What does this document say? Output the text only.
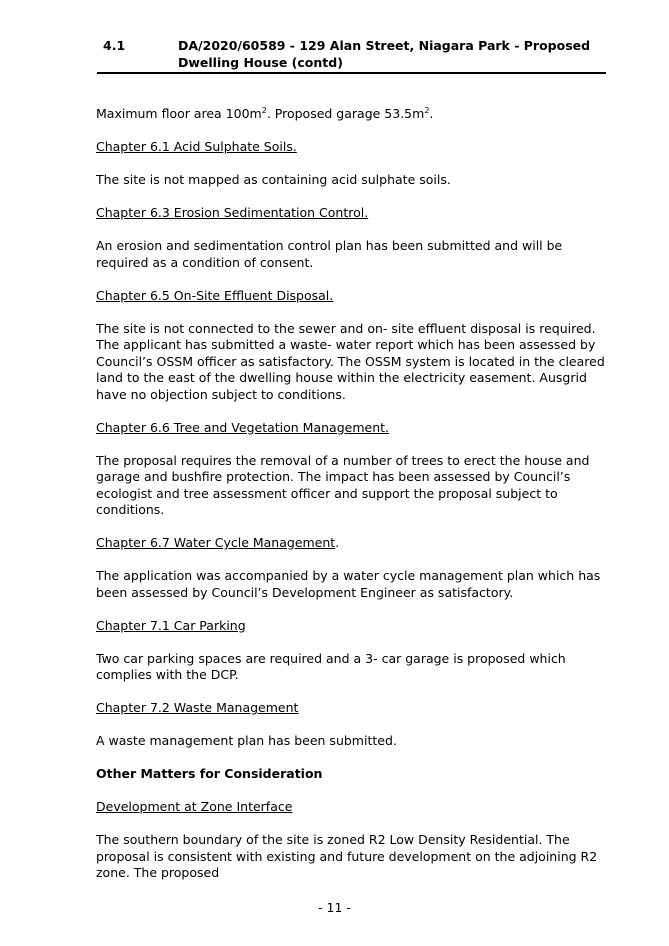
4.1	DA/2020/60589 - 129 Alan Street, Niagara Park - Proposed Dwelling House (contd)

Maximum floor area $100m^2$. Proposed garage $53.5m^2$.

Chapter 6.1 Acid Sulphate Soils.

The site is not mapped as containing acid sulphate soils.

Chapter 6.3 Erosion Sedimentation Control.

An erosion and sedimentation control plan has been submitted and will be required as a condition of consent.

Chapter 6.5 On-Site Effluent Disposal.

The site is not connected to the sewer and on- site effluent disposal is required. The applicant has submitted a waste- water report which has been assessed by Council’s OSSM officer as satisfactory. The OSSM system is located in the cleared land to the east of the dwelling house within the electricity easement. Ausgrid have no objection subject to conditions.

Chapter 6.6 Tree and Vegetation Management.

The proposal requires the removal of a number of trees to erect the house and garage and bushfire protection. The impact has been assessed by Council’s ecologist and tree assessment officer and support the proposal subject to conditions.

Chapter 6.7 Water Cycle Management.

The application was accompanied by a water cycle management plan which has been assessed by Council’s Development Engineer as satisfactory.

Chapter 7.1 Car Parking

Two car parking spaces are required and a 3- car garage is proposed which complies with the DCP.

Chapter 7.2 Waste Management

A waste management plan has been submitted.

Other Matters for Consideration

Development at Zone Interface

The southern boundary of the site is zoned R2 Low Density Residential. The proposal is consistent with existing and future development on the adjoining R2 zone. The proposed

- 11 -
